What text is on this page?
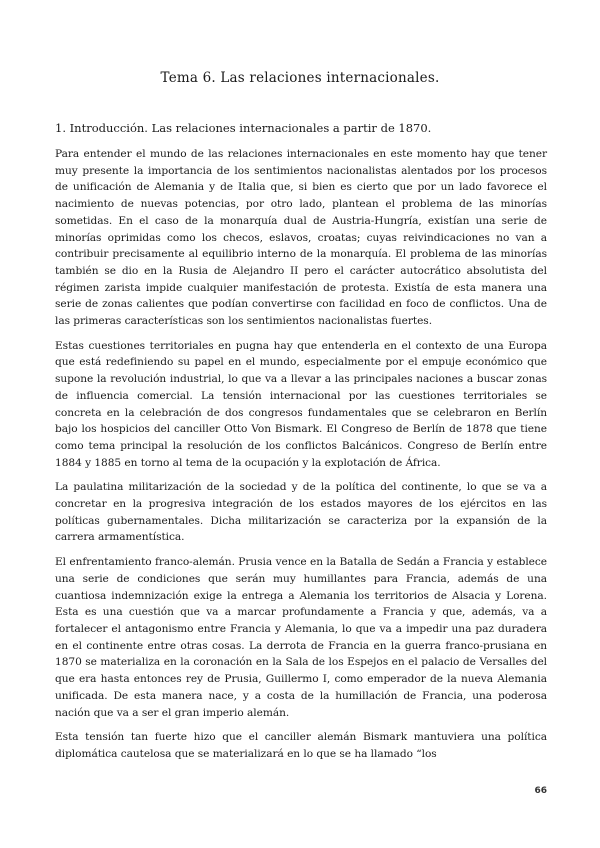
Tema 6. Las relaciones internacionales.
1. Introducción. Las relaciones internacionales a partir de 1870.

Para entender el mundo de las relaciones internacionales en este momento hay que tener muy presente la importancia de los sentimientos nacionalistas alentados por los procesos de unificación de Alemania y de Italia que, si bien es cierto que por un lado favorece el nacimiento de nuevas potencias, por otro lado, plantean el problema de las minorías sometidas. En el caso de la monarquía dual de Austria-Hungría, existían una serie de minorías oprimidas como los checos, eslavos, croatas; cuyas reivindicaciones no van a contribuir precisamente al equilibrio interno de la monarquía. El problema de las minorías también se dio en la Rusia de Alejandro II pero el carácter autocrático absolutista del régimen zarista impide cualquier manifestación de protesta. Existía de esta manera una serie de zonas calientes que podían convertirse con facilidad en foco de conflictos. Una de las primeras características son los sentimientos nacionalistas fuertes.

Estas cuestiones territoriales en pugna hay que entenderla en el contexto de una Europa que está redefiniendo su papel en el mundo, especialmente por el empuje económico que supone la revolución industrial, lo que va a llevar a las principales naciones a buscar zonas de influencia comercial. La tensión internacional por las cuestiones territoriales se concreta en la celebración de dos congresos fundamentales que se celebraron en Berlín bajo los hospicios del canciller Otto Von Bismark. El Congreso de Berlín de 1878 que tiene como tema principal la resolución de los conflictos Balcánicos. Congreso de Berlín entre 1884 y 1885 en torno al tema de la ocupación y la explotación de África.

La paulatina militarización de la sociedad y de la política del continente, lo que se va a concretar en la progresiva integración de los estados mayores de los ejércitos en las políticas gubernamentales. Dicha militarización se caracteriza por la expansión de la carrera armamentística.

El enfrentamiento franco-alemán. Prusia vence en la Batalla de Sedán a Francia y establece una serie de condiciones que serán muy humillantes para Francia, además de una cuantiosa indemnización exige la entrega a Alemania los territorios de Alsacia y Lorena. Esta es una cuestión que va a marcar profundamente a Francia y que, además, va a fortalecer el antagonismo entre Francia y Alemania, lo que va a impedir una paz duradera en el continente entre otras cosas. La derrota de Francia en la guerra franco-prusiana en 1870 se materializa en la coronación en la Sala de los Espejos en el palacio de Versalles del que era hasta entonces rey de Prusia, Guillermo I, como emperador de la nueva Alemania unificada. De esta manera nace, y a costa de la humillación de Francia, una poderosa nación que va a ser el gran imperio alemán.

Esta tensión tan fuerte hizo que el canciller alemán Bismark mantuviera una política diplomática cautelosa que se materializará en lo que se ha llamado “los

66
